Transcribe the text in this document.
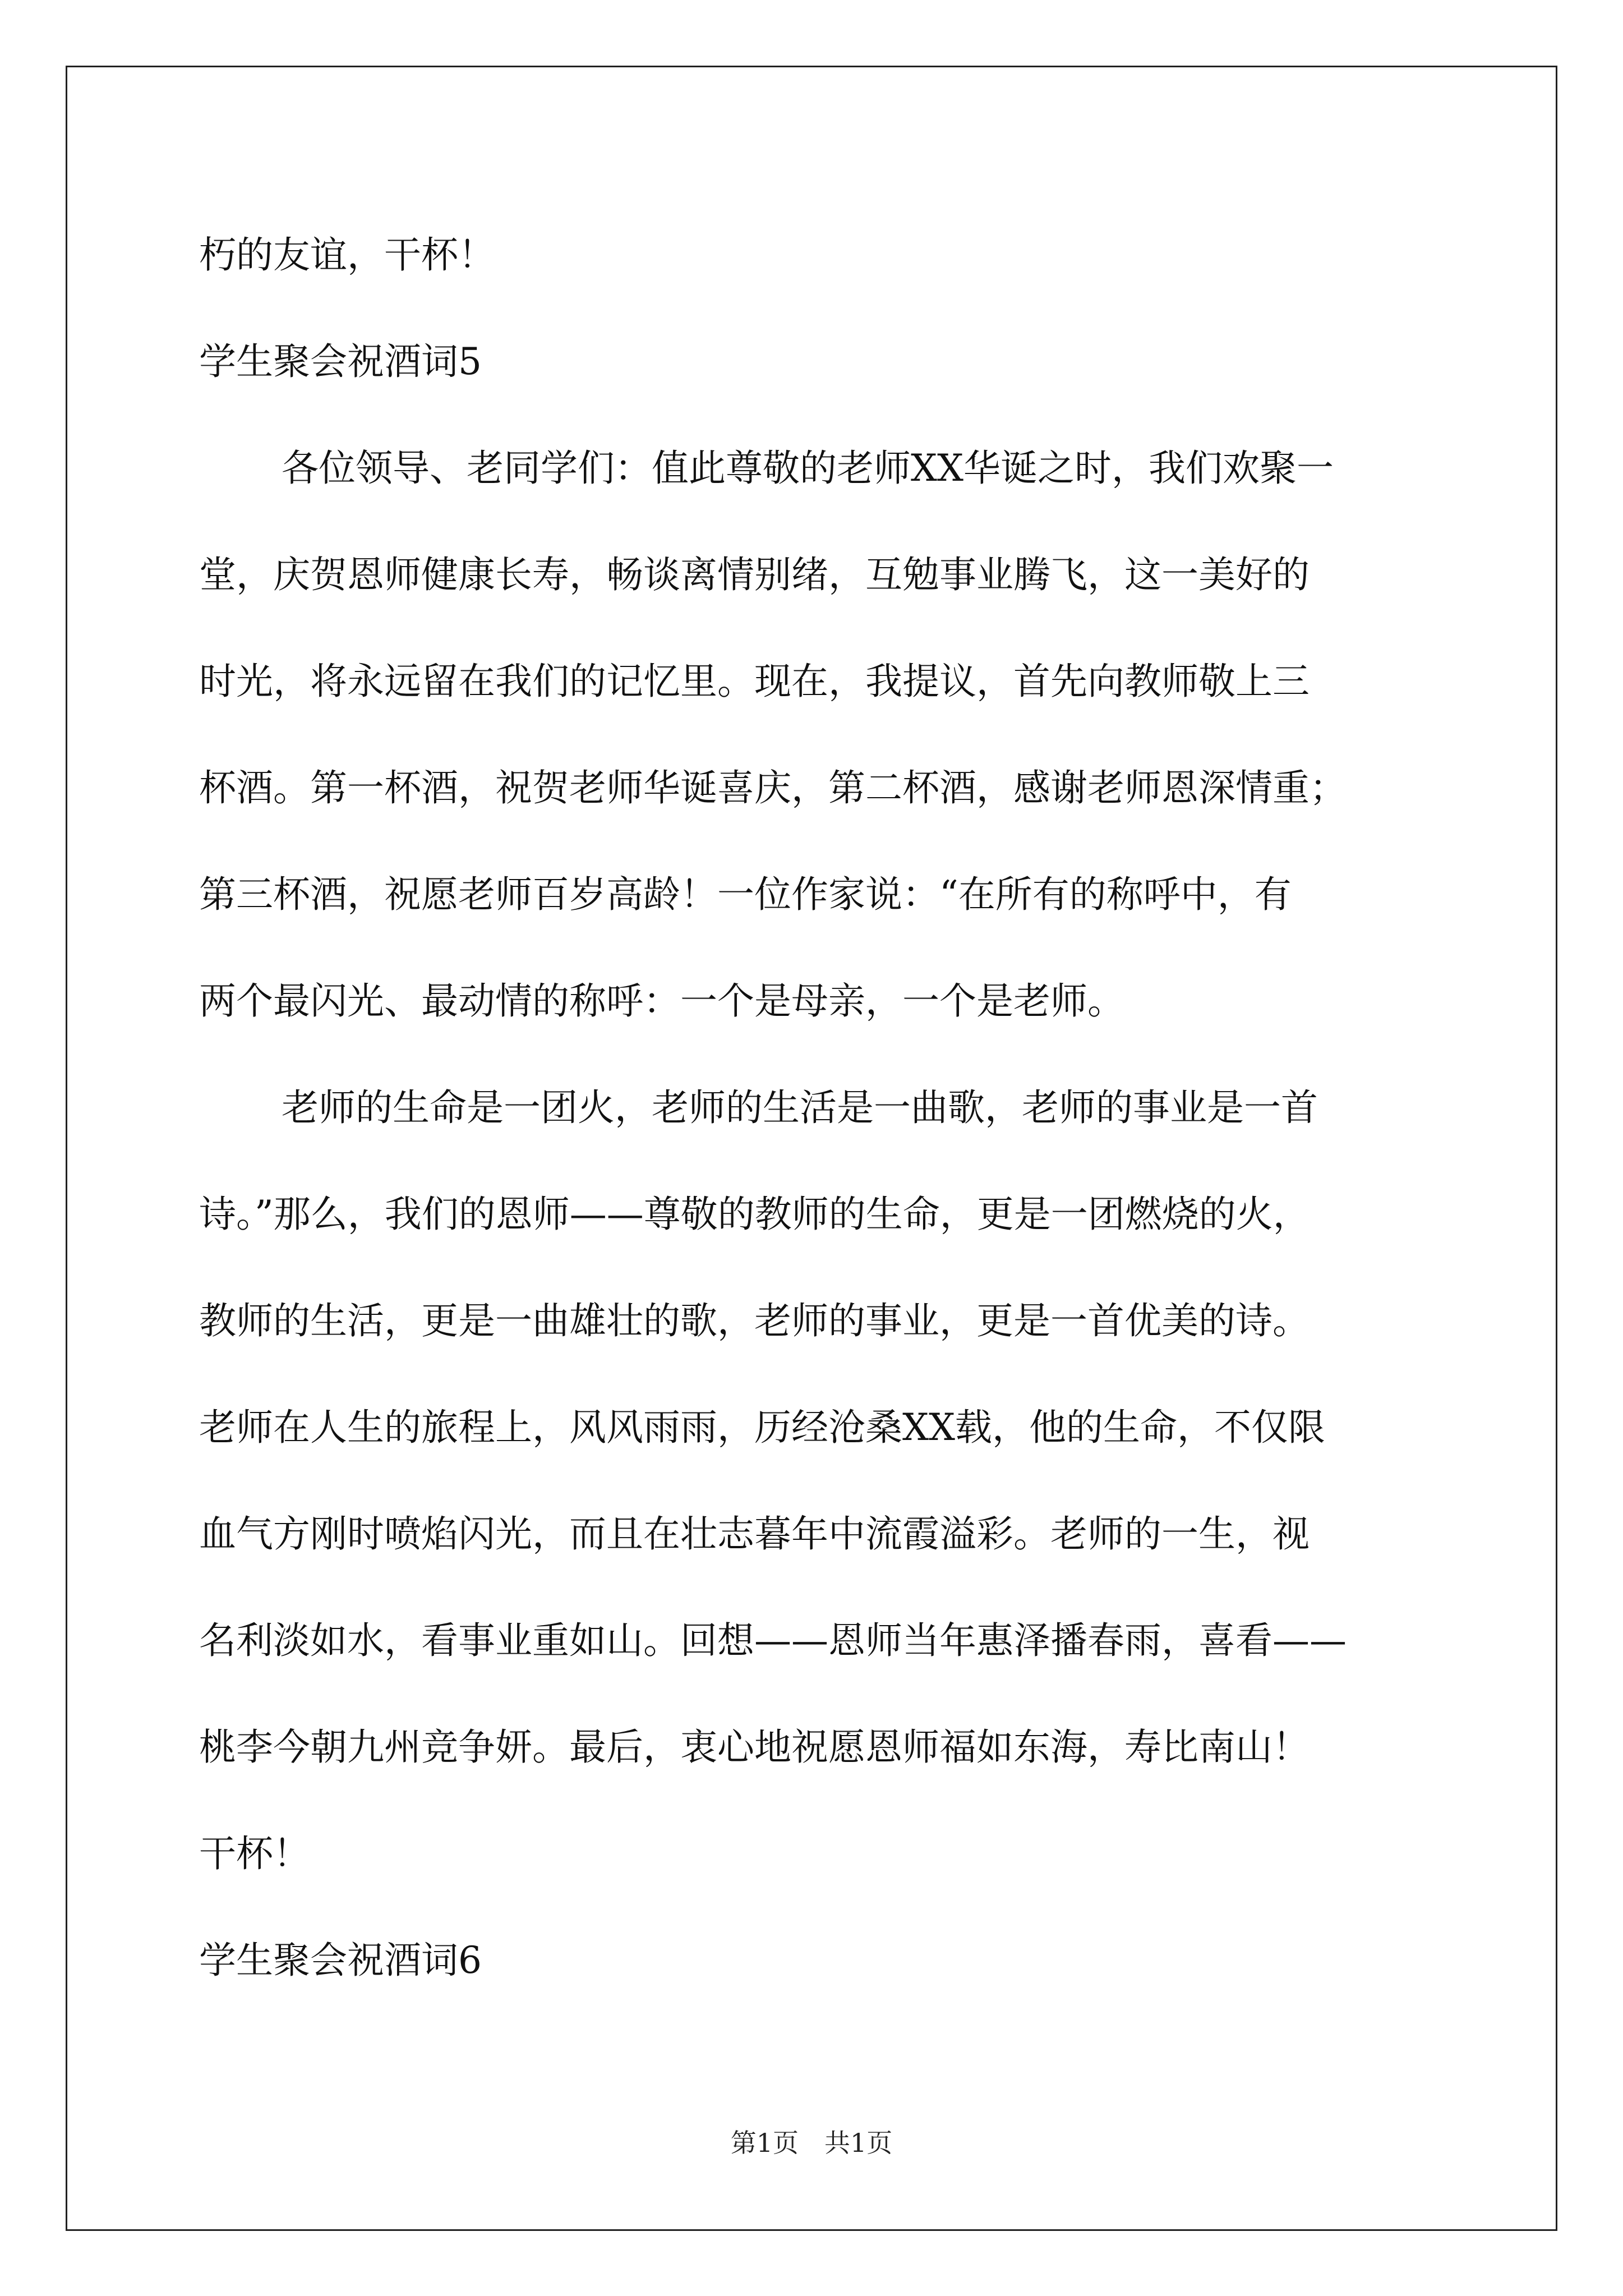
朽的友谊，干杯！
学生聚会祝酒词5
各位领导、老同学们：值此尊敬的老师XX华诞之时，我们欢聚一
堂，庆贺恩师健康长寿，畅谈离情别绪，互勉事业腾飞，这一美好的
时光，将永远留在我们的记忆里。现在，我提议，首先向教师敬上三
杯酒。第一杯酒，祝贺老师华诞喜庆，第二杯酒，感谢老师恩深情重；
第三杯酒，祝愿老师百岁高龄！一位作家说：“在所有的称呼中，有
两个最闪光、最动情的称呼：一个是母亲，一个是老师。
老师的生命是一团火，老师的生活是一曲歌，老师的事业是一首
诗。”那么，我们的恩师——尊敬的教师的生命，更是一团燃烧的火，
教师的生活，更是一曲雄壮的歌，老师的事业，更是一首优美的诗。
老师在人生的旅程上，风风雨雨，历经沧桑XX载，他的生命，不仅限
血气方刚时喷焰闪光，而且在壮志暮年中流霞溢彩。老师的一生，视
名利淡如水，看事业重如山。回想——恩师当年惠泽播春雨，喜看——
桃李今朝九州竞争妍。最后，衷心地祝愿恩师福如东海，寿比南山！
干杯！
学生聚会祝酒词6
第1页　共1页
